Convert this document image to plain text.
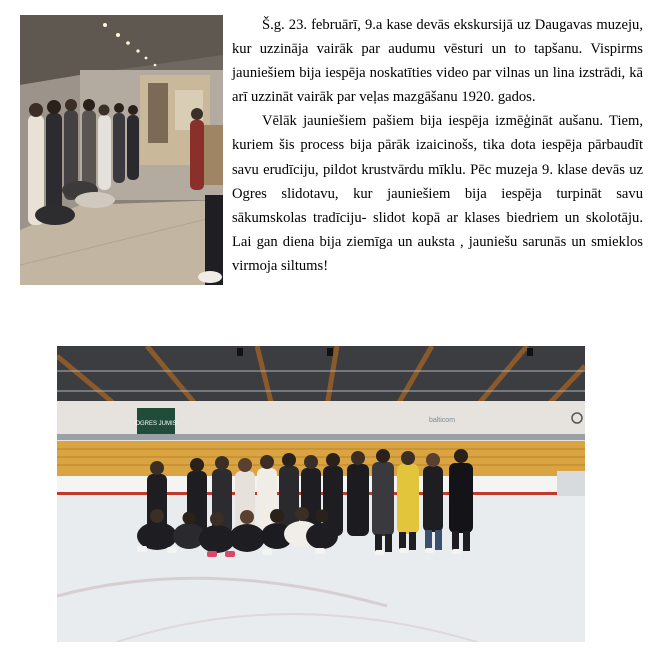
Š.g. 23. februārī, 9.a kase devās ekskursijā uz Daugavas muzeju, kur uzzināja vairāk par audumu vēsturi un to tapšanu. Vispirms jauniešiem bija iespēja noskatīties video par vilnas un lina izstrādi, kā arī uzzināt vairāk par veļas mazgāšanu 1920. gados.

Vēlāk jauniešiem pašiem bija iespēja izmēģināt aušanu. Tiem, kuriem šis process bija pārāk izaicinošs, tika dota iespēja pārbaudīt savu erudīciju, pildot krustvārdu mīklu. Pēc muzeja 9. klase devās uz Ogres slidotavu, kur jauniešiem bija iespēja turpināt savu sākumskolas tradīciju- slidot kopā ar klases biedriem un skolotāju. Lai gan diena bija ziemīga un auksta , jauniešu sarunās un smieklos virmoja siltums!

OGRES JUMIS	balticom
